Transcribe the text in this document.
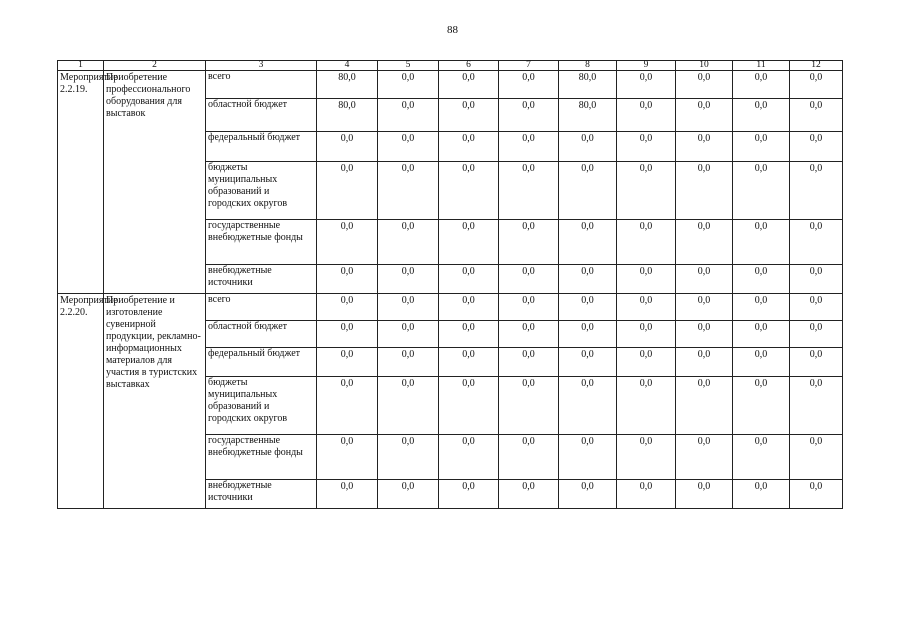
88
1	2	3	4	5	6	7	8	9	10	11	12
Мероприятие 2.2.19.	Приобретение профессионального оборудования для выставок	всего	80,0	0,0	0,0	0,0	80,0	0,0	0,0	0,0	0,0
		областной бюджет	80,0	0,0	0,0	0,0	80,0	0,0	0,0	0,0	0,0
		федеральный бюджет	0,0	0,0	0,0	0,0	0,0	0,0	0,0	0,0	0,0
		бюджеты муниципальных образований и городских округов	0,0	0,0	0,0	0,0	0,0	0,0	0,0	0,0	0,0
		государственные внебюджетные фонды	0,0	0,0	0,0	0,0	0,0	0,0	0,0	0,0	0,0
		внебюджетные источники	0,0	0,0	0,0	0,0	0,0	0,0	0,0	0,0	0,0
Мероприятие 2.2.20.	Приобретение и изготовление сувенирной продукции, рекламно-информационных материалов для участия в туристских выставках	всего	0,0	0,0	0,0	0,0	0,0	0,0	0,0	0,0	0,0
		областной бюджет	0,0	0,0	0,0	0,0	0,0	0,0	0,0	0,0	0,0
		федеральный бюджет	0,0	0,0	0,0	0,0	0,0	0,0	0,0	0,0	0,0
		бюджеты муниципальных образований и городских округов	0,0	0,0	0,0	0,0	0,0	0,0	0,0	0,0	0,0
		государственные внебюджетные фонды	0,0	0,0	0,0	0,0	0,0	0,0	0,0	0,0	0,0
		внебюджетные источники	0,0	0,0	0,0	0,0	0,0	0,0	0,0	0,0	0,0
